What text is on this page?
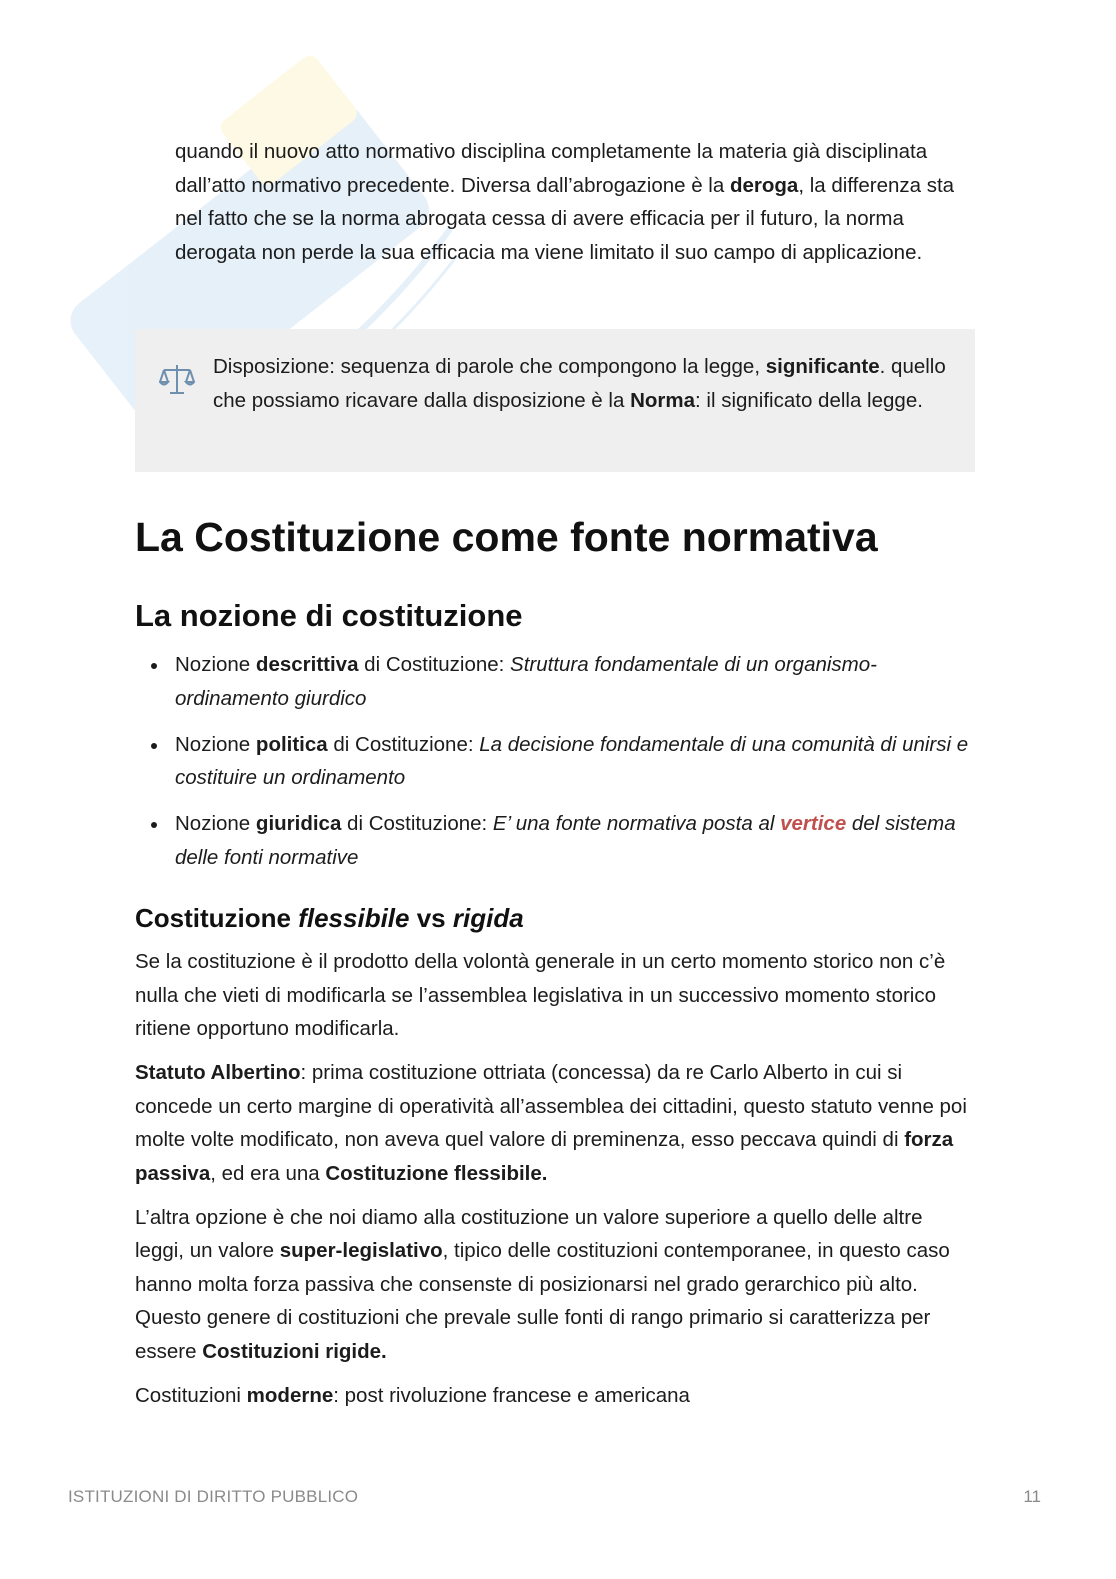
quando il nuovo atto normativo disciplina completamente la materia già disciplinata dall’atto normativo precedente. Diversa dall’abrogazione è la deroga, la differenza sta nel fatto che se la norma abrogata cessa di avere efficacia per il futuro, la norma derogata non perde la sua efficacia ma viene limitato il suo campo di applicazione.

Disposizione: sequenza di parole che compongono la legge, significante. quello che possiamo ricavare dalla disposizione è la Norma: il significato della legge.

La Costituzione come fonte normativa
La nozione di costituzione
Nozione descrittiva di Costituzione: Struttura fondamentale di un organismo-ordinamento giurdico
Nozione politica di Costituzione: La decisione fondamentale di una comunità di unirsi e costituire un ordinamento
Nozione giuridica di Costituzione: E’ una fonte normativa posta al vertice del sistema delle fonti normative
Costituzione flessibile vs rigida

Se la costituzione è il prodotto della volontà generale in un certo momento storico non c’è nulla che vieti di modificarla se l’assemblea legislativa in un successivo momento storico ritiene opportuno modificarla.

Statuto Albertino: prima costituzione ottriata (concessa) da re Carlo Alberto in cui si concede un certo margine di operatività all’assemblea dei cittadini, questo statuto venne poi molte volte modificato, non aveva quel valore di preminenza, esso peccava quindi di forza passiva, ed era una Costituzione flessibile.

L’altra opzione è che noi diamo alla costituzione un valore superiore a quello delle altre leggi, un valore super-legislativo, tipico delle costituzioni contemporanee, in questo caso hanno molta forza passiva che consenste di posizionarsi nel grado gerarchico più alto. Questo genere di costituzioni che prevale sulle fonti di rango primario si caratterizza per essere Costituzioni rigide.

Costituzioni moderne: post rivoluzione francese e americana

ISTITUZIONI DI DIRITTO PUBBLICO	11
